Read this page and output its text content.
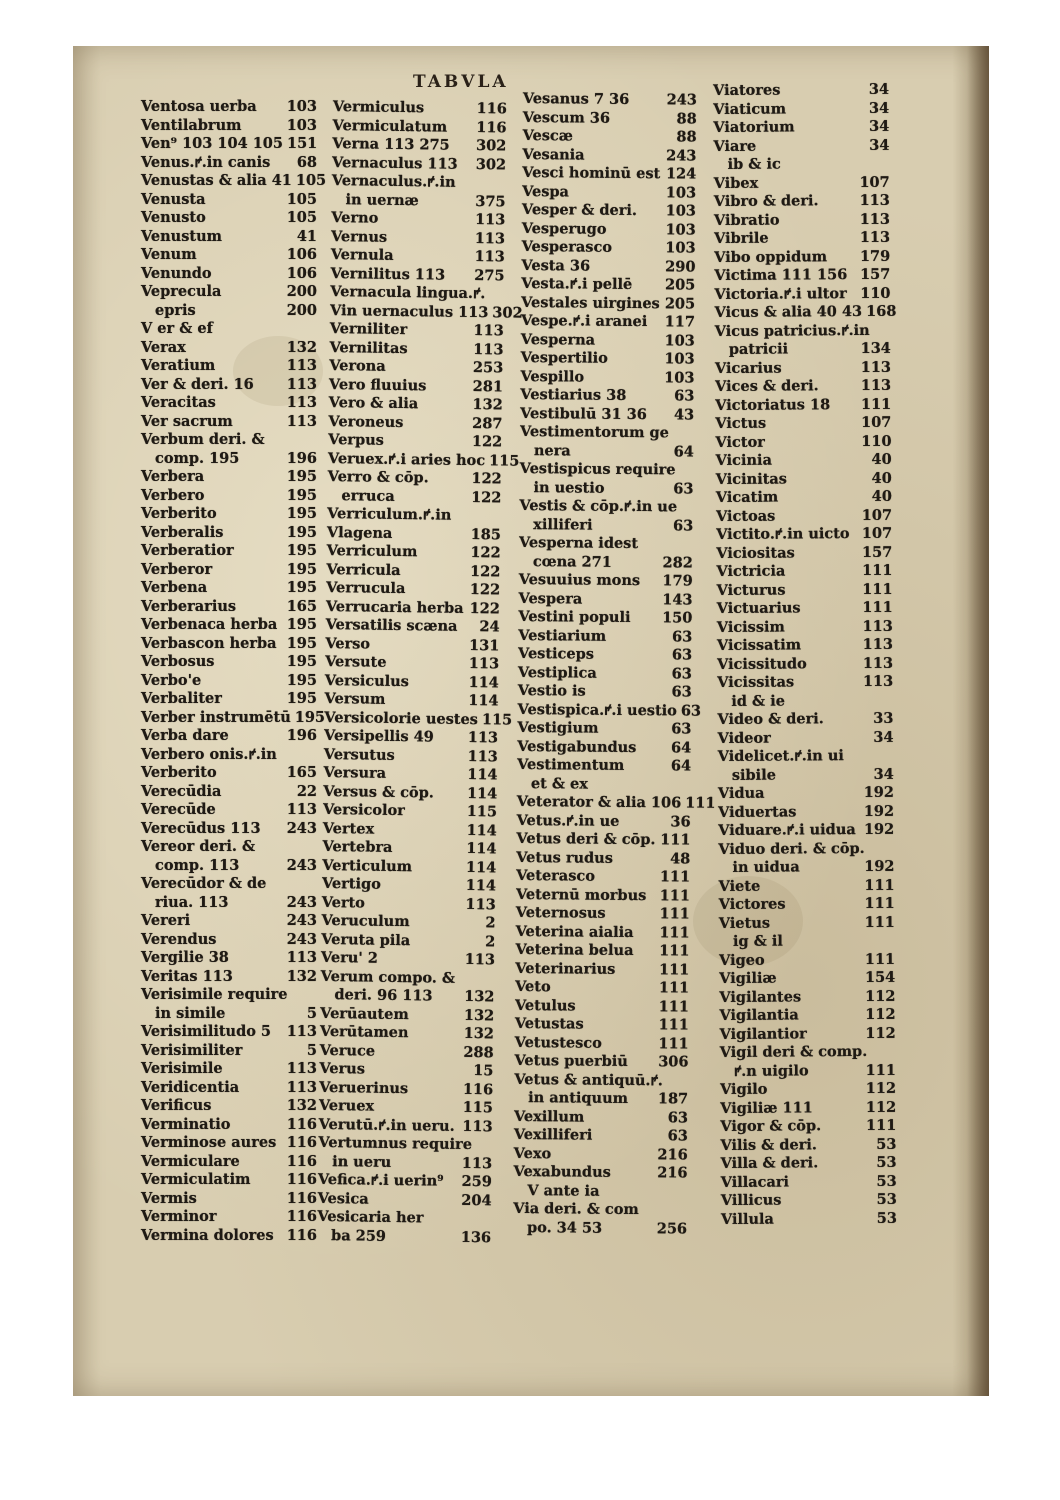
TABVLA
Ventosa uerba 103
Ventilabrum	103
Ven⁹ 103 104 105 151
Venus.ꝵ.in canis 68
Venustas & alia 41 105
Venusta	105
Venusto	105
Venustum	41
Venum	106
Venundo	106
Veprecula	200
epris	200
V er & ef
Verax	132
Veratium	113
Ver & deri. 16 113
Veracitas	113
Ver sacrum	113
Verbum deri. &
comp. 195	196
Verbera	195
Verbero	195
Verberito	195
Verberalis	195
Verberatior	195
Verberor	195
Verbena	195
Verberarius	165
Verbenaca herba 195
Verbascon herba 195
Verbosus	195
Verbo'e	195
Verbaliter	195
Verber instrumētū 195
Verba dare	196
Verbero onis.ꝵ.in
Verberito	165
Verecūdia	22
Verecūde	113
Verecūdus 113 243
Vereor deri. &
comp. 113	243
Verecūdor & de
riua. 113	243
Vereri	243
Verendus	243
Vergilie 38	113
Veritas 113	132
Verisimile require
in simile	5
Verisimilitudo 5 113
Verisimiliter	5
Verisimile	113
Veridicentia	113
Verificus	132
Verminatio	116
Verminose aures 116
Vermiculare	116
Vermiculatim	116
Vermis	116
Verminor	116
Vermina dolores 116
Vermiculus	116
Vermiculatum 116
Verna 113 275 302
Vernaculus 113 302
Vernaculus.ꝵ.in
in uernæ	375
Verno	113
Vernus	113
Vernula	113
Vernilitus 113 275
Vernacula lingua.ꝵ.
Vin uernaculus 113 302
Verniliter	113
Vernilitas	113
Verona	253
Vero fluuius	281
Vero & alia	132
Veroneus	287
Verpus	122
Veruex.ꝵ.i aries hoc 115
Verro & cōp.	122
erruca	122
Verriculum.ꝵ.in
Vlagena	185
Verriculum	122
Verricula	122
Verrucula	122
Verrucaria herba 122
Versatilis scæna 24
Verso	131
Versute	113
Versiculus	114
Versum	114
Versicolorie uestes 115
Versipellis 49 113
Versutus	113
Versura	114
Versus & cōp. 114
Versicolor	115
Vertex	114
Vertebra	114
Verticulum	114
Vertigo	114
Verto	113
Veruculum	2
Veruta pila	2
Veru' 2	113
Verum compo. &
deri. 96 113 132
Verūautem	132
Verūtamen	132
Veruce	288
Verus	15
Veruerinus	116
Veruex	115
Verutū.ꝵ.in ueru. 113
Vertumnus require
in ueru	113
Vefica.ꝵ.i uerin⁹ 259
Vesica	204
Vesicaria her
ba 259	136
Vesanus 7 36	243
Vescum 36	88
Vescæ	88
Vesania	243
Vesci hominū est 124
Vespa	103
Vesper & deri. 103
Vesperugo	103
Vesperasco	103
Vesta 36	290
Vesta.ꝵ.i pellē 205
Vestales uirgines 205
Vespe.ꝵ.i aranei 117
Vesperna	103
Vespertilio	103
Vespillo	103
Vestiarius 38	63
Vestibulū 31 36 43
Vestimentorum ge
nera	64
Vestispicus require
in uestio	63
Vestis & cōp.ꝵ.in ue
xilliferi	63
Vesperna idest
cœna 271	282
Vesuuius mons 179
Vespera	143
Vestini populi 150
Vestiarium	63
Vesticeps	63
Vestiplica	63
Vestio is	63
Vestispica.ꝵ.i uestio 63
Vestigium	63
Vestigabundus 64
Vestimentum	64
et & ex
Veterator & alia 106 111
Vetus.ꝵ.in ue	36
Vetus deri & cōp. 111
Vetus rudus	48
Veterasco	111
Veternū morbus 111
Veternosus	111
Veterina aialia 111
Veterina belua 111
Veterinarius	111
Veto	111
Vetulus	111
Vetustas	111
Vetustesco	111
Vetus puerbiū 306
Vetus & antiquū.ꝵ.
in antiquum 187
Vexillum	63
Vexilliferi	63
Vexo	216
Vexabundus	216
V ante ia
Via deri. & com
po. 34 53	256
Viatores	34
Viaticum	34
Viatorium	34
Viare	34
ib & ic
Vibex	107
Vibro & deri.	113
Vibratio	113
Vibrile	113
Vibo oppidum 179
Victima 111 156 157
Victoria.ꝵ.i ultor 110
Vicus & alia 40 43 168
Vicus patricius.ꝵ.in
patricii	134
Vicarius	113
Vices & deri.	113
Victoriatus 18 111
Victus	107
Victor	110
Vicinia	40
Vicinitas	40
Vicatim	40
Victoas	107
Victito.ꝵ.in uicto 107
Viciositas	157
Victricia	111
Victurus	111
Victuarius	111
Vicissim	113
Vicissatim	113
Vicissitudo	113
Vicissitas	113
id & ie
Video & deri.	33
Videor	34
Videlicet.ꝵ.in ui
sibile	34
Vidua	192
Viduertas	192
Viduare.ꝵ.i uidua 192
Viduo deri. & cōp.
in uidua	192
Viete	111
Victores	111
Vietus	111
ig & il
Vigeo	111
Vigiliæ	154
Vigilantes	112
Vigilantia	112
Vigilantior	112
Vigil deri & comp.
ꝵ.n uigilo	111
Vigilo	112
Vigiliæ 111	112
Vigor & cōp.	111
Vilis & deri.	53
Villa & deri.	53
Villacari	53
Villicus	53
Villula	53
